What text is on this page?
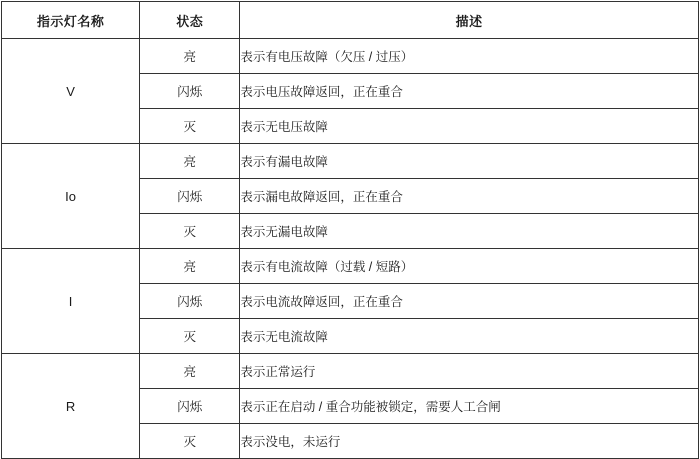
指示灯名称	状态	描述
V	亮	表示有电压故障（欠压 / 过压）
	闪烁	表示电压故障返回，正在重合
	灭	表示无电压故障
Io	亮	表示有漏电故障
	闪烁	表示漏电故障返回，正在重合
	灭	表示无漏电故障
I	亮	表示有电流故障（过载 / 短路）
	闪烁	表示电流故障返回，正在重合
	灭	表示无电流故障
R	亮	表示正常运行
	闪烁	表示正在启动 / 重合功能被锁定，需要人工合闸
	灭	表示没电，未运行
